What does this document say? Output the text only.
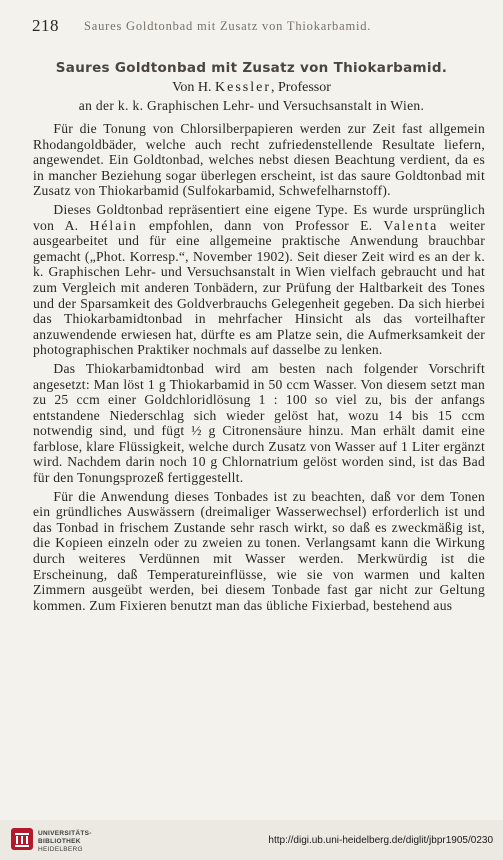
218 Saures Goldtonbad mit Zusatz von Thiokarbamid.
Saures Goldtonbad mit Zusatz von Thiokarbamid.
Von H. Kessler, Professor
an der k. k. Graphischen Lehr- und Versuchsanstalt in Wien.

Für die Tonung von Chlorsilberpapieren werden zur Zeit fast allgemein Rhodangoldbäder, welche auch recht zufriedenstellende Resultate liefern, angewendet. Ein Goldtonbad, welches nebst diesen Beachtung verdient, da es in mancher Beziehung sogar überlegen erscheint, ist das saure Goldtonbad mit Zusatz von Thiokarbamid (Sulfokarbamid, Schwefelharnstoff).

Dieses Goldtonbad repräsentiert eine eigene Type. Es wurde ursprünglich von A. Hélain empfohlen, dann von Professor E. Valenta weiter ausgearbeitet und für eine allgemeine praktische Anwendung brauchbar gemacht („Phot. Korresp.“, November 1902). Seit dieser Zeit wird es an der k. k. Graphischen Lehr- und Versuchsanstalt in Wien vielfach gebraucht und hat zum Vergleich mit anderen Tonbädern, zur Prüfung der Haltbarkeit des Tones und der Sparsamkeit des Goldverbrauchs Gelegenheit gegeben. Da sich hierbei das Thiokarbamidtonbad in mehrfacher Hinsicht als das vorteilhafter anzuwendende erwiesen hat, dürfte es am Platze sein, die Aufmerksamkeit der photographischen Praktiker nochmals auf dasselbe zu lenken.

Das Thiokarbamidtonbad wird am besten nach folgender Vorschrift angesetzt: Man löst 1 g Thiokarbamid in 50 ccm Wasser. Von diesem setzt man zu 25 ccm einer Goldchloridlösung 1 : 100 so viel zu, bis der anfangs entstandene Niederschlag sich wieder gelöst hat, wozu 14 bis 15 ccm notwendig sind, und fügt ½ g Citronensäure hinzu. Man erhält damit eine farblose, klare Flüssigkeit, welche durch Zusatz von Wasser auf 1 Liter ergänzt wird. Nachdem darin noch 10 g Chlornatrium gelöst worden sind, ist das Bad für den Tonungsprozeß fertiggestellt.

Für die Anwendung dieses Tonbades ist zu beachten, daß vor dem Tonen ein gründliches Auswässern (dreimaliger Wasserwechsel) erforderlich ist und das Tonbad in frischem Zustande sehr rasch wirkt, so daß es zweckmäßig ist, die Kopieen einzeln oder zu zweien zu tonen. Verlangsamt kann die Wirkung durch weiteres Verdünnen mit Wasser werden. Merkwürdig ist die Erscheinung, daß Temperatureinflüsse, wie sie von warmen und kalten Zimmern ausgeübt werden, bei diesem Tonbade fast gar nicht zur Geltung kommen. Zum Fixieren benutzt man das übliche Fixierbad, bestehend aus

UNIVERSITÄTS-
BIBLIOTHEK
HEIDELBERG
http://digi.ub.uni-heidelberg.de/diglit/jbpr1905/0230
